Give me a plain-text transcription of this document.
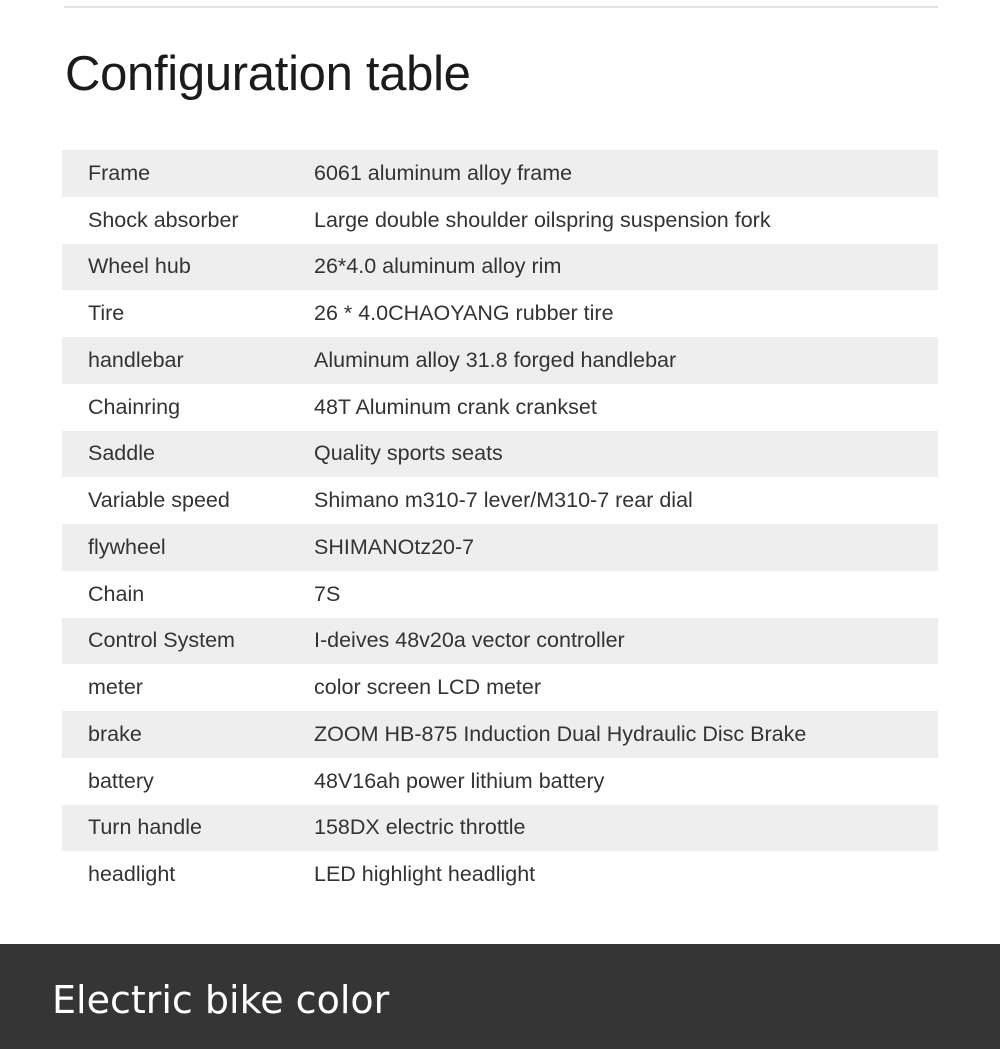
Configuration table
Frame	6061 aluminum alloy frame
Shock absorber	Large double shoulder oilspring suspension fork
Wheel hub	26*4.0 aluminum alloy rim
Tire	26 * 4.0CHAOYANG rubber tire
handlebar	Aluminum alloy 31.8 forged handlebar
Chainring	48T Aluminum crank crankset
Saddle	Quality sports seats
Variable speed	Shimano m310-7 lever/M310-7 rear dial
flywheel	SHIMANOtz20-7
Chain	7S
Control System	I-deives 48v20a vector controller
meter	color screen LCD meter
brake	ZOOM HB-875 Induction Dual Hydraulic Disc Brake
battery	48V16ah power lithium battery
Turn handle	158DX electric throttle
headlight	LED highlight headlight
Electric bike color
